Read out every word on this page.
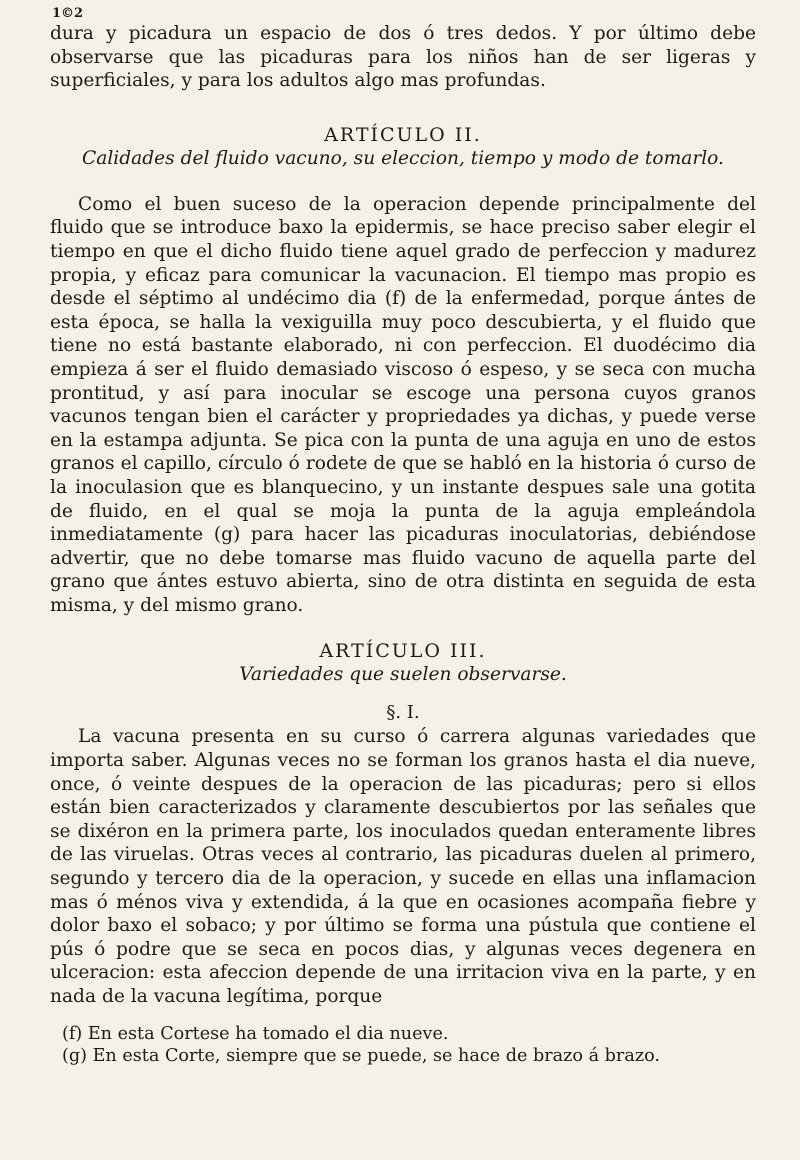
1©2

dura y picadura un espacio de dos ó tres dedos. Y por último debe observarse que las picaduras para los niños han de ser ligeras y superficiales, y para los adultos algo mas profundas.

ARTÍCULO II.

Calidades del fluido vacuno, su eleccion, tiempo y modo de tomarlo.

Como el buen suceso de la operacion depende principalmente del fluido que se introduce baxo la epidermis, se hace preciso saber elegir el tiempo en que el dicho fluido tiene aquel grado de perfeccion y madurez propia, y eficaz para comunicar la vacunacion. El tiempo mas propio es desde el séptimo al undécimo dia (f) de la enfermedad, porque ántes de esta época, se halla la vexiguilla muy poco descubierta, y el fluido que tiene no está bastante elaborado, ni con perfeccion. El duodécimo dia empieza á ser el fluido demasiado viscoso ó espeso, y se seca con mucha prontitud, y así para inocular se escoge una persona cuyos granos vacunos tengan bien el carácter y propriedades ya dichas, y puede verse en la estampa adjunta. Se pica con la punta de una aguja en uno de estos granos el capillo, círculo ó rodete de que se habló en la historia ó curso de la inoculasion que es blanquecino, y un instante despues sale una gotita de fluido, en el qual se moja la punta de la aguja empleándola inmediatamente (g) para hacer las picaduras inoculatorias, debiéndose advertir, que no debe tomarse mas fluido vacuno de aquella parte del grano que ántes estuvo abierta, sino de otra distinta en seguida de esta misma, y del mismo grano.

ARTÍCULO III.

Variedades que suelen observarse.

§. I.

La vacuna presenta en su curso ó carrera algunas variedades que importa saber. Algunas veces no se forman los granos hasta el dia nueve, once, ó veinte despues de la operacion de las picaduras; pero si ellos están bien caracterizados y claramente descubiertos por las señales que se dixéron en la primera parte, los inoculados quedan enteramente libres de las viruelas. Otras veces al contrario, las picaduras duelen al primero, segundo y tercero dia de la operacion, y sucede en ellas una inflamacion mas ó ménos viva y extendida, á la que en ocasiones acompaña fiebre y dolor baxo el sobaco; y por último se forma una pústula que contiene el pús ó podre que se seca en pocos dias, y algunas veces degenera en ulceracion: esta afeccion depende de una irritacion viva en la parte, y en nada de la vacuna legítima, porque

(f) En esta Cortese ha tomado el dia nueve.

(g) En esta Corte, siempre que se puede, se hace de brazo á brazo.
